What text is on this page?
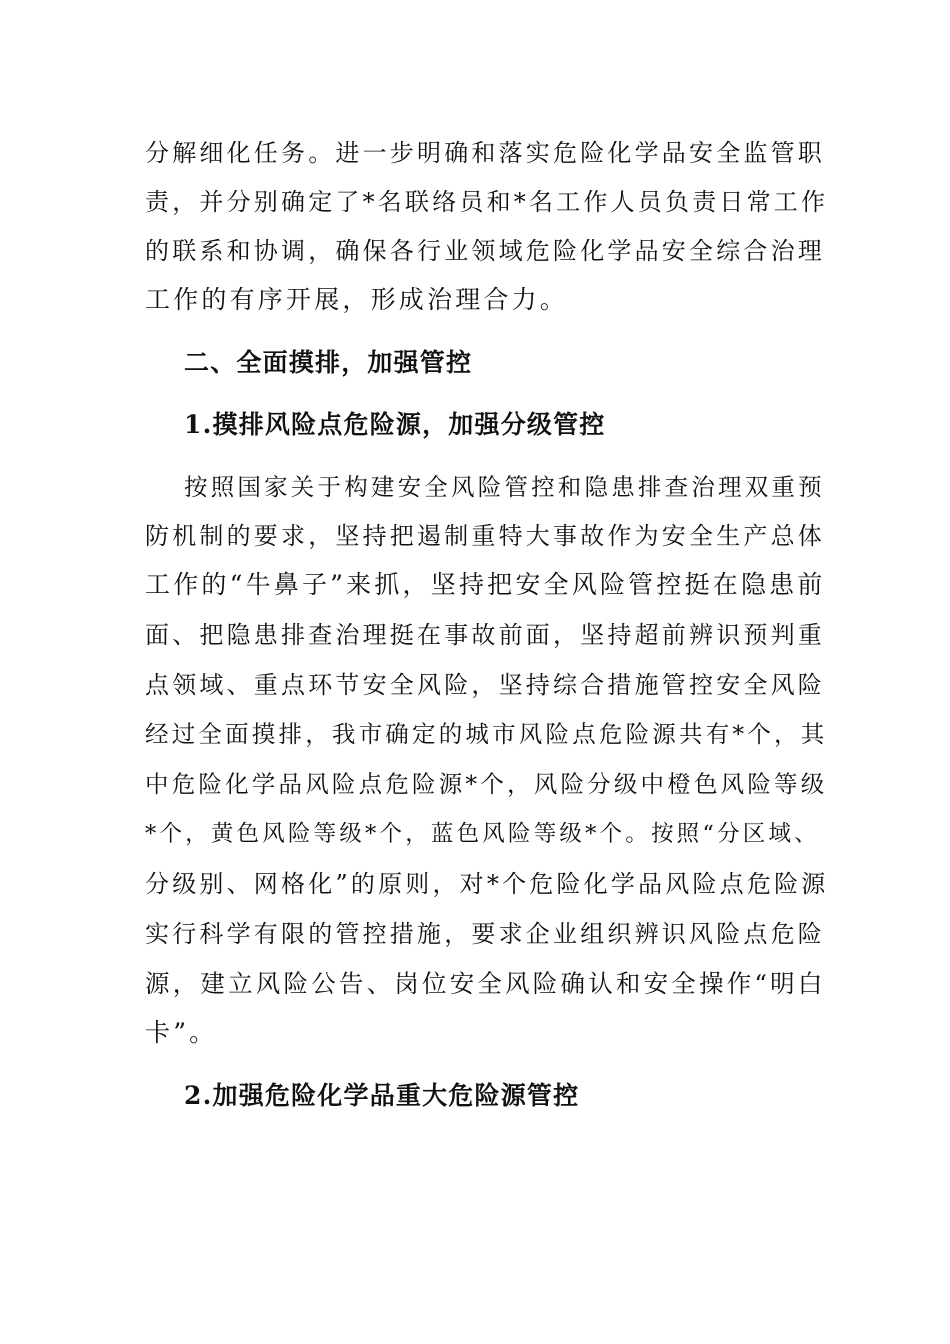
分解细化任务。进一步明确和落实危险化学品安全监管职
责，并分别确定了*名联络员和*名工作人员负责日常工作
的联系和协调，确保各行业领域危险化学品安全综合治理
工作的有序开展，形成治理合力。
二、全面摸排，加强管控
1.摸排风险点危险源，加强分级管控
按照国家关于构建安全风险管控和隐患排查治理双重预
防机制的要求，坚持把遏制重特大事故作为安全生产总体
工作的“牛鼻子”来抓，坚持把安全风险管控挺在隐患前
面、把隐患排查治理挺在事故前面，坚持超前辨识预判重
点领域、重点环节安全风险，坚持综合措施管控安全风险
经过全面摸排，我市确定的城市风险点危险源共有*个，其
中危险化学品风险点危险源*个，风险分级中橙色风险等级
*个，黄色风险等级*个，蓝色风险等级*个。按照“分区域、
分级别、网格化”的原则，对*个危险化学品风险点危险源
实行科学有限的管控措施，要求企业组织辨识风险点危险
源，建立风险公告、岗位安全风险确认和安全操作“明白
卡”。
2.加强危险化学品重大危险源管控
